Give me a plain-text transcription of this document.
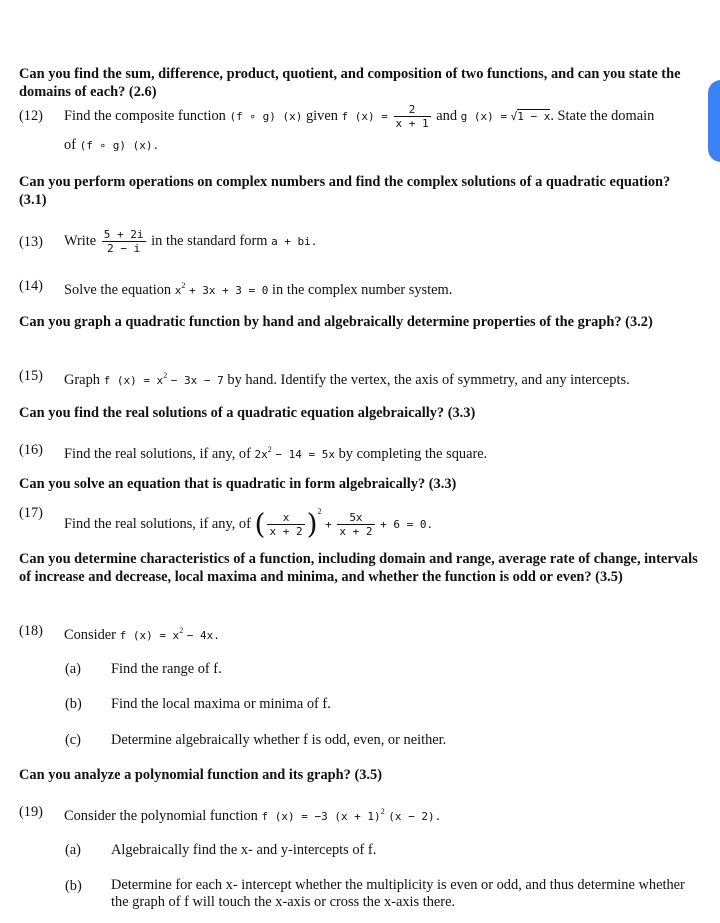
Can you find the sum, difference, product, quotient, and composition of two functions, and can you state the domains of each? (2.6)
(12) Find the composite function (f ∘ g) (x) given f $(x) = \frac{2}{x + 1}$ and g (x) = √1 − x. State the domain
of (f ∘ g) (x).
Can you perform operations on complex numbers and find the complex solutions of a quadratic equation? (3.1)
(13) Write $\frac{5 + 2i}{2 - i}$ in the standard form a + bi.
(14) Solve the equation $x^2 + 3x + 3 = 0$ in the complex number system.
Can you graph a quadratic function by hand and algebraically determine properties of the graph? (3.2)
(15) Graph f $(x) = x^2 - 3x - 7$ by hand. Identify the vertex, the axis of symmetry, and any intercepts.
Can you find the real solutions of a quadratic equation algebraically? (3.3)
(16) Find the real solutions, if any, of $2x^2 - 14 = 5x$ by completing the square.
Can you solve an equation that is quadratic in form algebraically? (3.3)
(17)
Find the real solutions, if any, of ( $\frac{x}{x + 2} )^2 + \frac{5x}{x + 2} + 6 = 0$.
Can you determine characteristics of a function, including domain and range, average rate of change, intervals of increase and decrease, local maxima and minima, and whether the function is odd or even? (3.5)
(18) Consider f $(x) = x^2 - 4x$.
(a) Find the range of f.
(b) Find the local maxima or minima of f.
(c) Determine algebraically whether f is odd, even, or neither.
Can you analyze a polynomial function and its graph? (3.5)
(19) Consider the polynomial function f (x) = −3 $(x + 1)^2$ (x − 2).
(a) Algebraically find the x- and y-intercepts of f.
(b) Determine for each x- intercept whether the multiplicity is even or odd, and thus determine whether the graph of f will touch the x-axis or cross the x-axis there.
